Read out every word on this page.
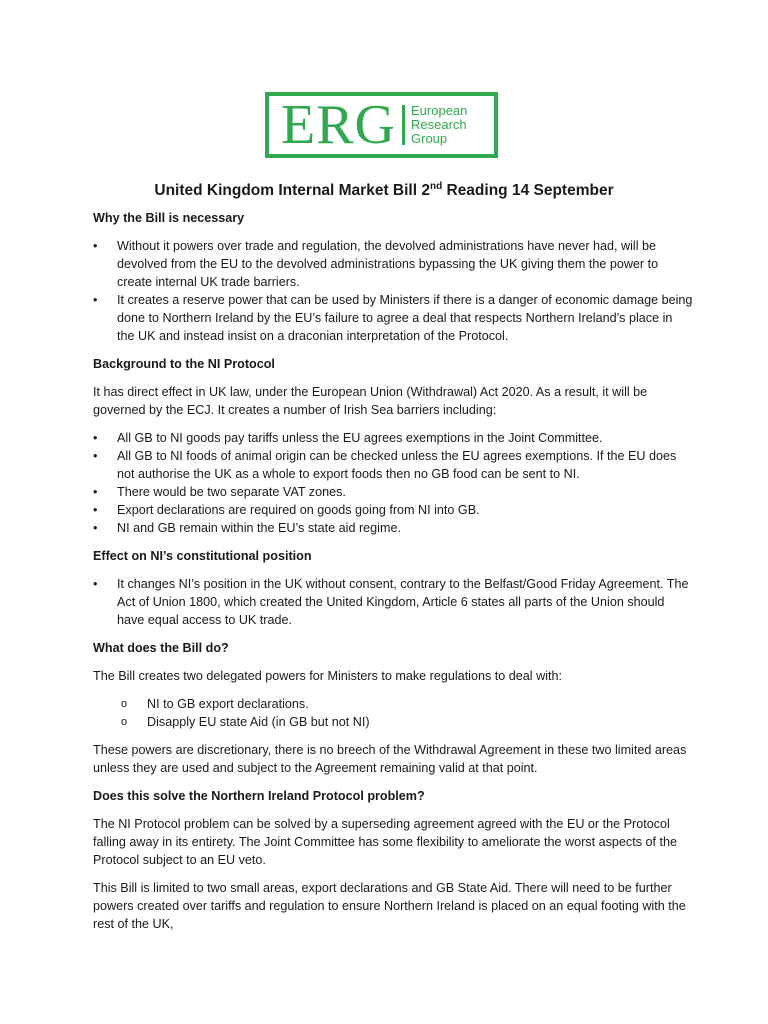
ERG European
Research
Group
United Kingdom Internal Market Bill 2nd Reading 14 September
Why the Bill is necessary
• Without it powers over trade and regulation, the devolved administrations have never had, will be devolved from the EU to the devolved administrations bypassing the UK giving them the power to create internal UK trade barriers.
• It creates a reserve power that can be used by Ministers if there is a danger of economic damage being done to Northern Ireland by the EU’s failure to agree a deal that respects Northern Ireland’s place in the UK and instead insist on a draconian interpretation of the Protocol.
Background to the NI Protocol
It has direct effect in UK law, under the European Union (Withdrawal) Act 2020. As a result, it will be governed by the ECJ. It creates a number of Irish Sea barriers including:
• All GB to NI goods pay tariffs unless the EU agrees exemptions in the Joint Committee.
• All GB to NI foods of animal origin can be checked unless the EU agrees exemptions. If the EU does not authorise the UK as a whole to export foods then no GB food can be sent to NI.
• There would be two separate VAT zones.
• Export declarations are required on goods going from NI into GB.
• NI and GB remain within the EU’s state aid regime.
Effect on NI’s constitutional position
• It changes NI’s position in the UK without consent, contrary to the Belfast/Good Friday Agreement. The Act of Union 1800, which created the United Kingdom, Article 6 states all parts of the Union should have equal access to UK trade.
What does the Bill do?
The Bill creates two delegated powers for Ministers to make regulations to deal with:
o NI to GB export declarations.
o Disapply EU state Aid (in GB but not NI)
These powers are discretionary, there is no breech of the Withdrawal Agreement in these two limited areas unless they are used and subject to the Agreement remaining valid at that point.
Does this solve the Northern Ireland Protocol problem?
The NI Protocol problem can be solved by a superseding agreement agreed with the EU or the Protocol falling away in its entirety. The Joint Committee has some flexibility to ameliorate the worst aspects of the Protocol subject to an EU veto.
This Bill is limited to two small areas, export declarations and GB State Aid. There will need to be further powers created over tariffs and regulation to ensure Northern Ireland is placed on an equal footing with the rest of the UK,
